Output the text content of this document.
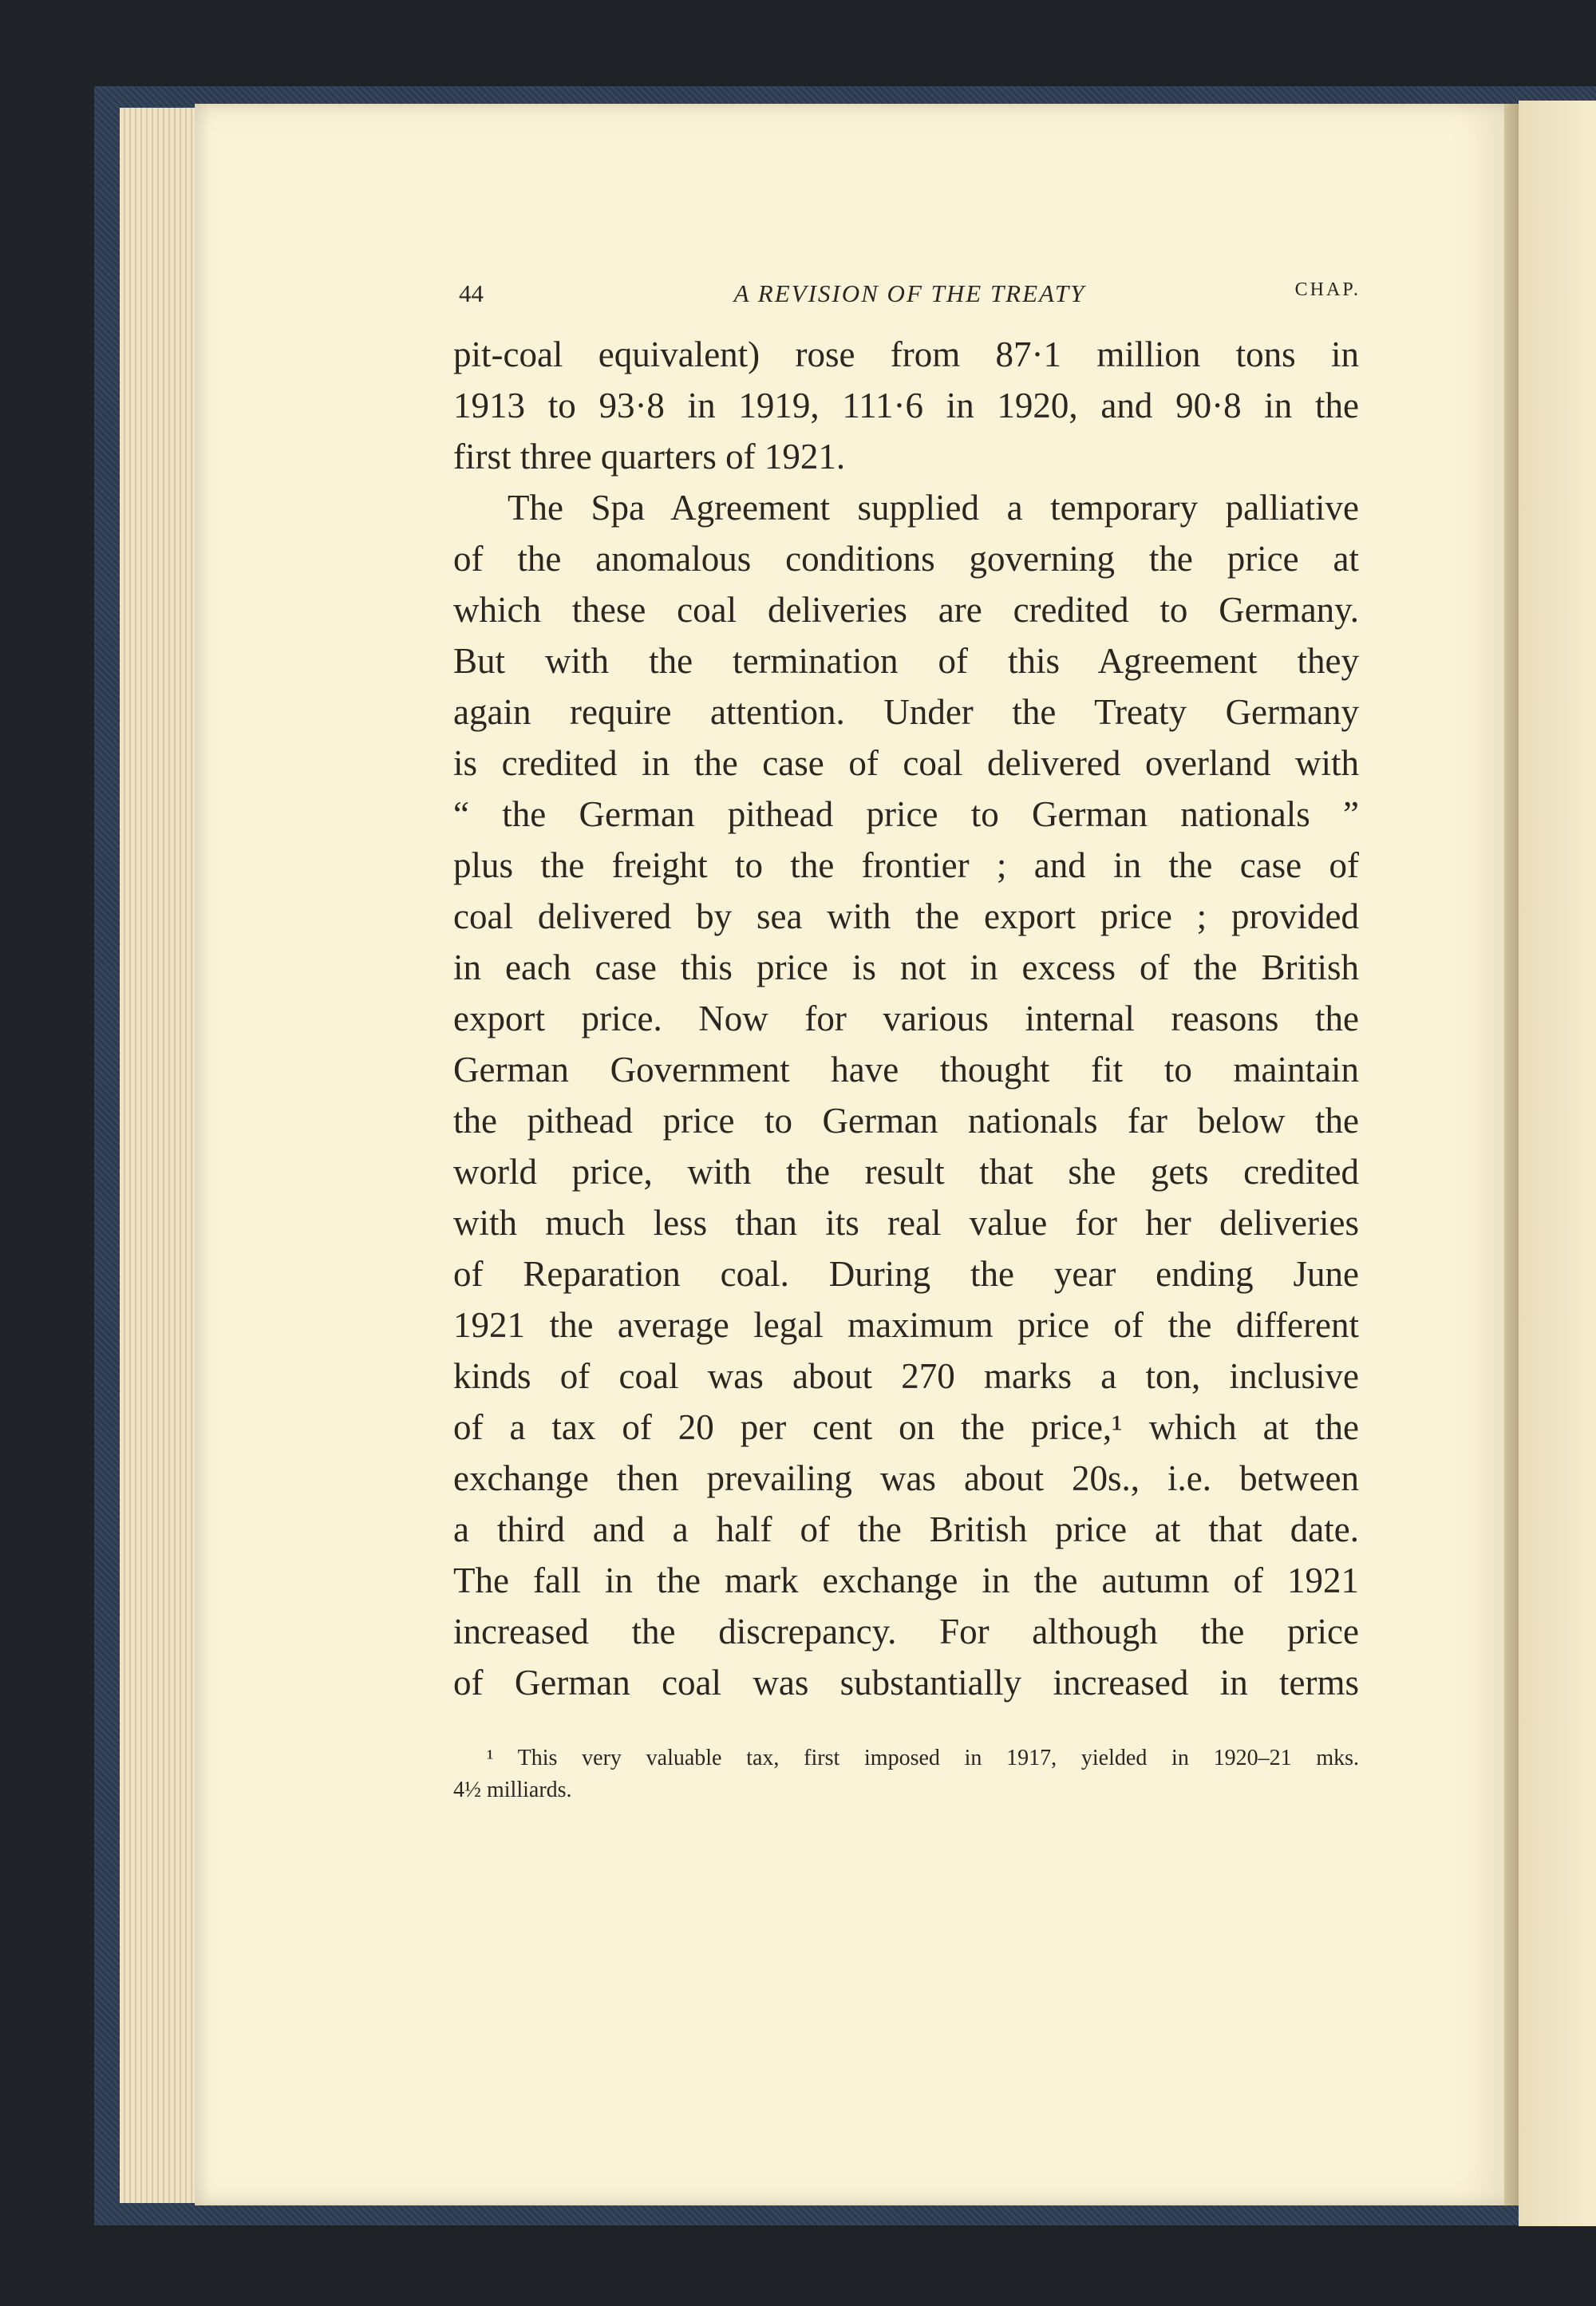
44	A REVISION OF THE TREATY	CHAP.
pit-coal equivalent) rose from 87·1 million tons in
1913 to 93·8 in 1919, 111·6 in 1920, and 90·8 in the
first three quarters of 1921.
The Spa Agreement supplied a temporary palliative
of the anomalous conditions governing the price at
which these coal deliveries are credited to Germany.
But with the termination of this Agreement they
again require attention. Under the Treaty Germany
is credited in the case of coal delivered overland with
“ the German pithead price to German nationals ”
plus the freight to the frontier ; and in the case of
coal delivered by sea with the export price ; provided
in each case this price is not in excess of the British
export price. Now for various internal reasons the
German Government have thought fit to maintain
the pithead price to German nationals far below the
world price, with the result that she gets credited
with much less than its real value for her deliveries
of Reparation coal. During the year ending June
1921 the average legal maximum price of the different
kinds of coal was about 270 marks a ton, inclusive
of a tax of 20 per cent on the price,¹ which at the
exchange then prevailing was about 20s., i.e. between
a third and a half of the British price at that date.
The fall in the mark exchange in the autumn of 1921
increased the discrepancy. For although the price
of German coal was substantially increased in terms
¹ This very valuable tax, first imposed in 1917, yielded in 1920–21 mks.
4½ milliards.
